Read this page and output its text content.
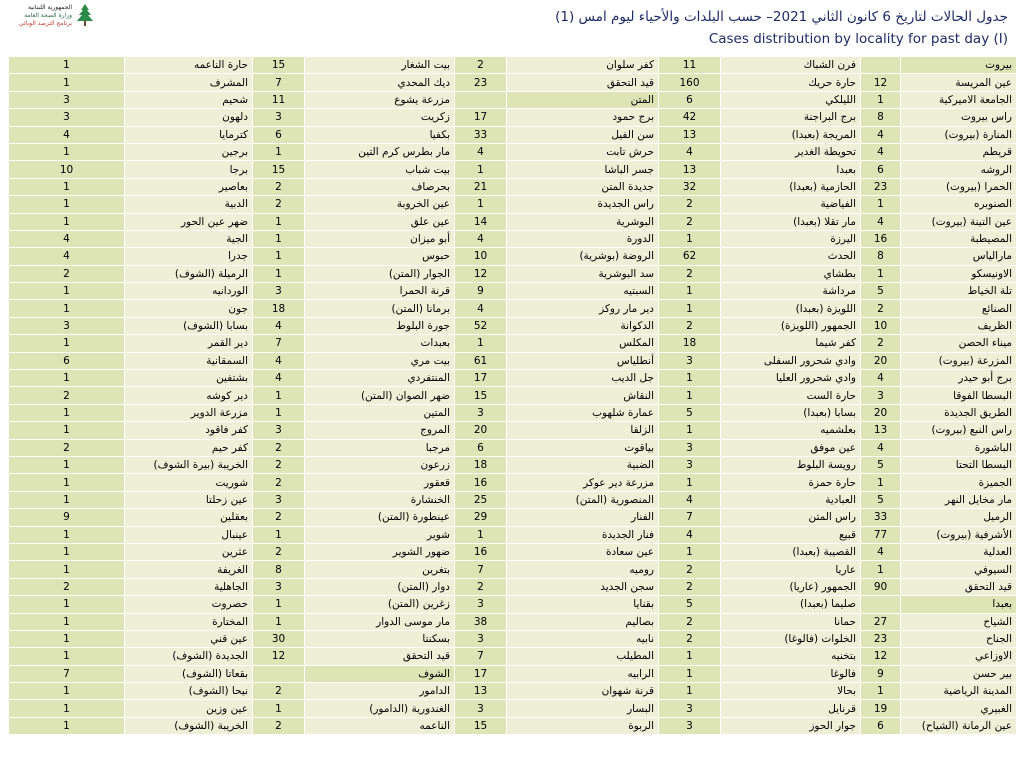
الجمهورية اللبنانية
وزارة الصحة العامة
برنامج الترصد الوبائي	جدول الحالات لتاريخ 6 كانون الثاني 2021– حسب البلدات والأحياء ليوم امس (1)
Cases distribution by locality for past day (I)
بيروت		فرن الشباك	11	كفر سلوان	2	بيت الشغار	15	حارة الناعمه	1
عين المريسة	12	حارة حريك	160	قيد التحقق	23	ديك المحدي	7	المشرف	1
الجامعة الاميركية	1	الليلكي	6	المتن		مزرعة يشوع	11	شحيم	3
راس بيروت	8	برج البراجنة	42	برج حمود	17	زكريت	3	دلهون	3
المنارة (بيروت)	4	المريجة (بعبدا)	13	سن الفيل	33	بكفيا	6	كترمايا	4
قريطم	4	تحويطة الغدير	4	حرش تابت	4	مار بطرس كرم التين	1	برجين	1
الروشه	6	بعبدا	13	جسر الباشا	1	بيت شباب	15	برجا	10
الحمرا (بيروت)	23	الحازمية (بعبدا)	32	جديدة المتن	21	بحرصاف	2	بعاصير	1
الصنوبره	1	الفياضية	2	راس الجديدة	1	عين الخروبة	2	الدبية	1
عين التينة (بيروت)	4	مار تقلا (بعبدا)	2	البوشرية	14	عين علق	1	ضهر عين الحور	1
المصيطبة	16	اليرزة	1	الدورة	4	أبو ميزان	1	الجية	4
مارالياس	8	الحدث	62	الروضة (بوشرية)	10	حبوس	1	جدرا	4
الاونيسكو	1	بطشاي	2	سد البوشرية	12	الجوار (المتن)	1	الرميلة (الشوف)	2
تلة الخياط	5	مرداشة	1	السبتيه	9	قرنة الحمرا	3	الوردانيه	1
الصنائع	2	اللويزة (بعبدا)	1	دير مار روكز	4	برمانا (المتن)	18	جون	1
الظريف	10	الجمهور (اللويزة)	2	الدكوانة	52	جورة البلوط	4	بسابا (الشوف)	3
ميناء الحصن	2	كفر شيما	18	المكلس	1	بعبدات	7	دير القمر	1
المزرعة (بيروت)	20	وادي شحرور السفلى	3	أنطلياس	61	بيت مري	4	السمقانية	6
برج أبو حيدر	4	وادي شحرور العليا	1	جل الديب	17	المنتفردي	4	بشتفين	1
البسطا الفوقا	3	حارة الست	1	النقاش	15	ضهر الصوان (المتن)	1	دير كوشه	2
الطريق الجديدة	20	بسابا (بعبدا)	5	عمارة شلهوب	3	المتين	1	مزرعة الدوير	1
راس النبع (بيروت)	13	بعلشميه	1	الزلقا	20	المروج	3	كفر فاقود	1
الباشورة	4	عين موفق	3	بياقوت	6	مرجبا	2	كفر حيم	2
البسطا التحتا	5	رويسة البلوط	3	الضبية	18	زرعون	2	الخريبة (بيرة الشوف)	1
الجميزة	1	حارة حمزة	1	مزرعة دير عوكر	16	قعقور	2	شوريت	1
مار مخايل النهر	5	العبادية	4	المنصورية (المتن)	25	الخنشارة	3	عين زحلتا	1
الرميل	33	راس المتن	7	الفنار	29	عينطورة (المتن)	2	بعقلين	9
الأشرفية (بيروت)	77	قبيع	4	فنار الجديدة	1	شوير	1	عينبال	1
العدلية	4	القصيبة (بعبدا)	1	عين سعادة	16	ضهور الشوير	2	عثرين	1
السيوفي	1	عاريا	2	روميه	7	بتغرين	8	الغريفة	1
قيد التحقق	90	الجمهور (عاريا)	2	سجن الجديد	2	دوار (المتن)	3	الجاهلية	2
بعبدا		صليما (بعبدا)	5	بقنايا	3	زغرين (المتن)	1	حصروت	1
الشياح	27	حمانا	2	بصاليم	38	مار موسى الدوار	1	المختارة	1
الجناح	23	الخلوات (فالوغا)	2	نابيه	3	بسكنتا	30	عين قني	1
الاوزاعي	12	بتخنيه	1	المطيلب	7	قيد التحقق	12	الجديدة (الشوف)	1
بير حسن	9	فالوغا	1	الرابيه	17	الشوف		بقعاتا (الشوف)	7
المدينة الرياضية	1	بحالا	1	قرنة شهوان	13	الدامور	2	نيحا (الشوف)	1
الغبيري	19	قرنايل	3	البسار	3	الغندورية (الدامور)	1	عين وزين	1
عين الرمانة (الشياح)	6	جوار الحوز	3	الربوة	15	الناعمه	2	الخريبة (الشوف)	1
